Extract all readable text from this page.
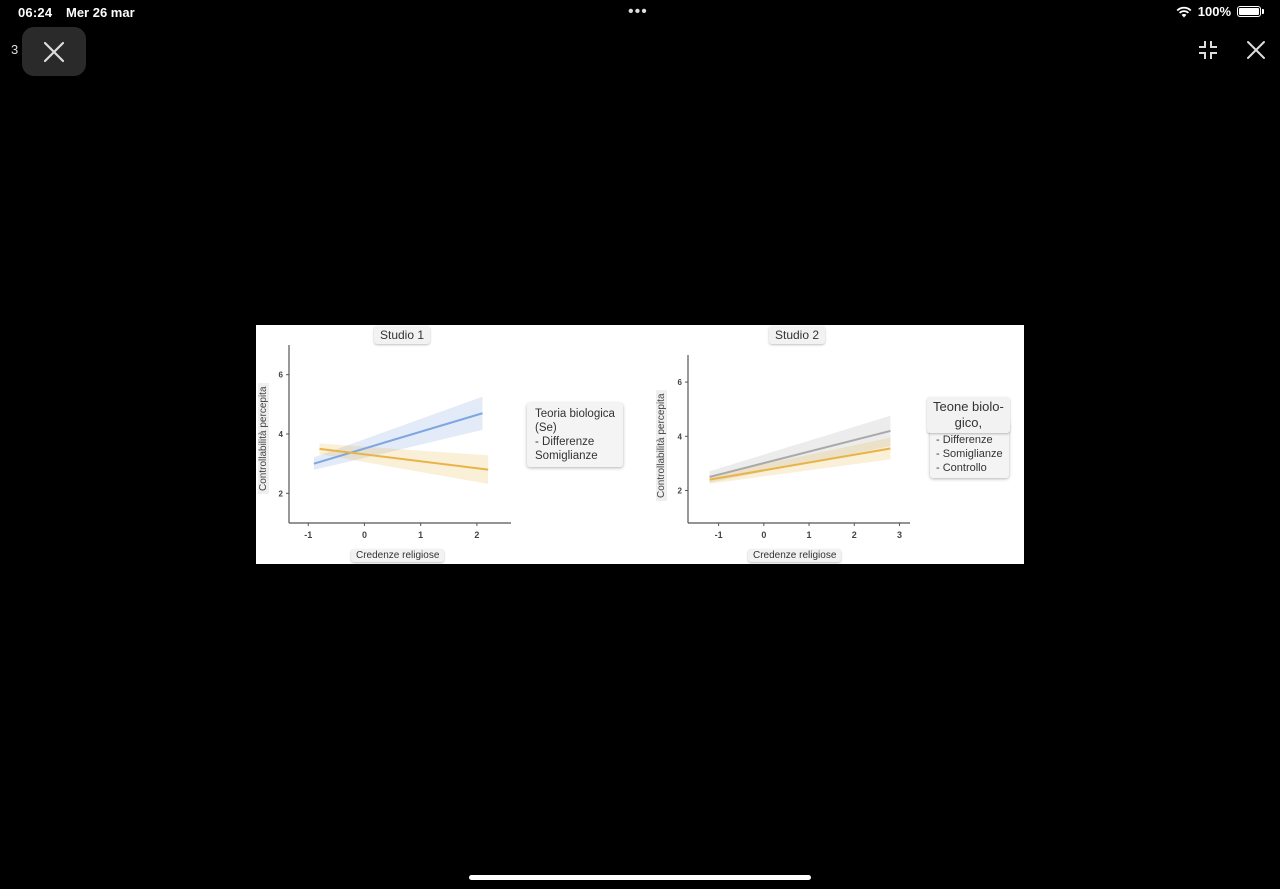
06:24 Mer 26 mar	•••	100%
3
-1	0	1	2
2
4
6
-1	0	1	2	3
2
4
6
Studio 1	Studio 2
Controllabilità percepita	Controllabilità percepita
Credenze religiose	Credenze religiose
Teoria biologica
(Se)
- Differenze
Somiglianze
- Differenze
- Somiglianze
- Controllo
Teone biolo-
gico,
